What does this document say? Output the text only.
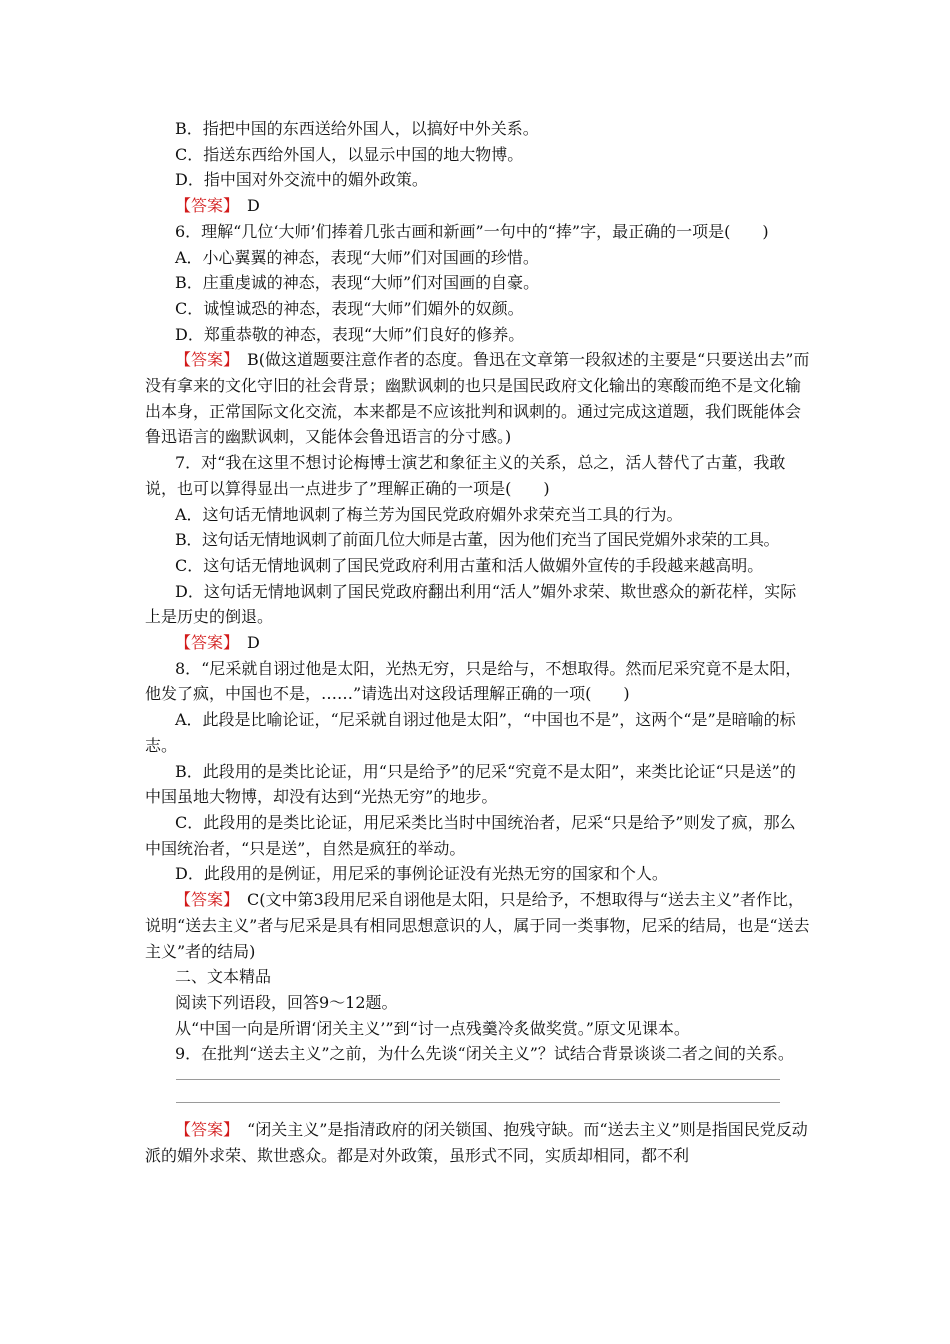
B．指把中国的东西送给外国人，以搞好中外关系。

C．指送东西给外国人，以显示中国的地大物博。

D．指中国对外交流中的媚外政策。

【答案】　D

6．理解“几位‘大师’们捧着几张古画和新画”一句中的“捧”字，最正确的一项是(　　)

A．小心翼翼的神态，表现“大师”们对国画的珍惜。

B．庄重虔诚的神态，表现“大师”们对国画的自豪。

C．诚惶诚恐的神态，表现“大师”们媚外的奴颜。

D．郑重恭敬的神态，表现“大师”们良好的修养。

【答案】　B(做这道题要注意作者的态度。鲁迅在文章第一段叙述的主要是“只要送出去”而没有拿来的文化守旧的社会背景；幽默讽刺的也只是国民政府文化输出的寒酸而绝不是文化输出本身，正常国际文化交流，本来都是不应该批判和讽刺的。通过完成这道题，我们既能体会鲁迅语言的幽默讽刺，又能体会鲁迅语言的分寸感。)

7．对“我在这里不想讨论梅博士演艺和象征主义的关系，总之，活人替代了古董，我敢说，也可以算得显出一点进步了”理解正确的一项是(　　)

A．这句话无情地讽刺了梅兰芳为国民党政府媚外求荣充当工具的行为。

B．这句话无情地讽刺了前面几位大师是古董，因为他们充当了国民党媚外求荣的工具。

C．这句话无情地讽刺了国民党政府利用古董和活人做媚外宣传的手段越来越高明。

D．这句话无情地讽刺了国民党政府翻出利用“活人”媚外求荣、欺世惑众的新花样，实际上是历史的倒退。

【答案】　D

8．“尼采就自诩过他是太阳，光热无穷，只是给与，不想取得。然而尼采究竟不是太阳，他发了疯，中国也不是，……”请选出对这段话理解正确的一项(　　)

A．此段是比喻论证，“尼采就自诩过他是太阳”，“中国也不是”，这两个“是”是暗喻的标志。

B．此段用的是类比论证，用“只是给予”的尼采“究竟不是太阳”，来类比论证“只是送”的中国虽地大物博，却没有达到“光热无穷”的地步。

C．此段用的是类比论证，用尼采类比当时中国统治者，尼采“只是给予”则发了疯，那么中国统治者，“只是送”，自然是疯狂的举动。

D．此段用的是例证，用尼采的事例论证没有光热无穷的国家和个人。

【答案】　C(文中第3段用尼采自诩他是太阳，只是给予，不想取得与“送去主义”者作比，说明“送去主义”者与尼采是具有相同思想意识的人，属于同一类事物，尼采的结局，也是“送去主义”者的结局)

二、文本精品

阅读下列语段，回答9～12题。

从“中国一向是所谓‘闭关主义’”到“讨一点残羹冷炙做奖赏。”原文见课本。

9．在批判“送去主义”之前，为什么先谈“闭关主义”？试结合背景谈谈二者之间的关系。

【答案】　“闭关主义”是指清政府的闭关锁国、抱残守缺。而“送去主义”则是指国民党反动派的媚外求荣、欺世惑众。都是对外政策，虽形式不同，实质却相同，都不利
